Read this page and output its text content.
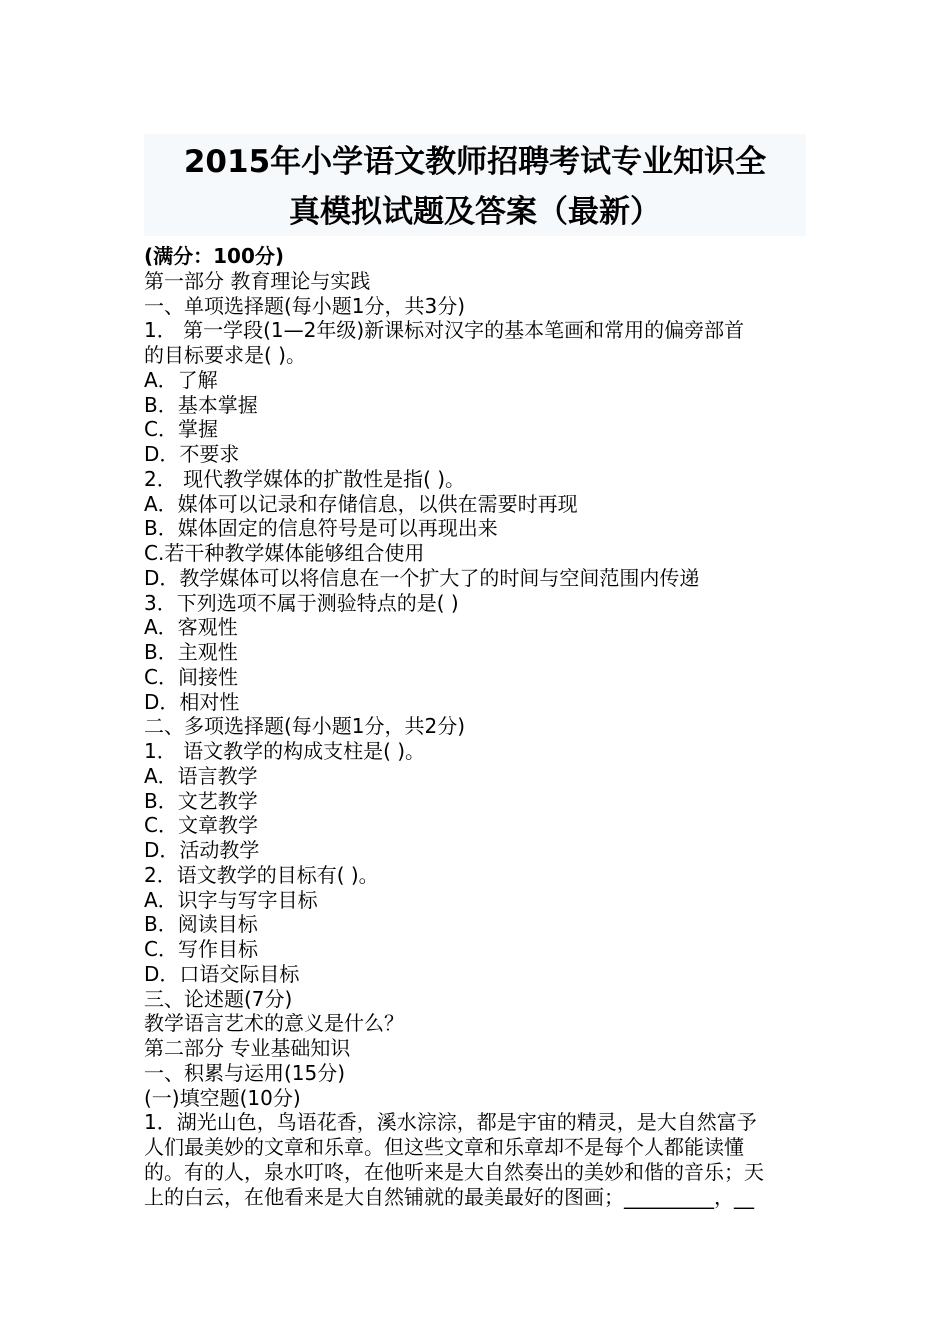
2015年小学语文教师招聘考试专业知识全
真模拟试题及答案（最新）
(满分：100分)
第一部分 教育理论与实践
一、单项选择题(每小题1分，共3分)
1． 第一学段(1—2年级)新课标对汉字的基本笔画和常用的偏旁部首
的目标要求是( )。
A．了解
B．基本掌握
C．掌握
D．不要求
2． 现代教学媒体的扩散性是指( )。
A．媒体可以记录和存储信息，以供在需要时再现
B．媒体固定的信息符号是可以再现出来
C.若干种教学媒体能够组合使用
D．教学媒体可以将信息在一个扩大了的时间与空间范围内传递
3．下列选项不属于测验特点的是( )
A．客观性
B．主观性
C．间接性
D．相对性
二、多项选择题(每小题1分，共2分)
1． 语文教学的构成支柱是( )。
A．语言教学
B．文艺教学
C．文章教学
D．活动教学
2．语文教学的目标有( )。
A．识字与写字目标
B．阅读目标
C．写作目标
D．口语交际目标
三、论述题(7分)
教学语言艺术的意义是什么？
第二部分 专业基础知识
一、积累与运用(15分)
(一)填空题(10分)
1．湖光山色，鸟语花香，溪水淙淙，都是宇宙的精灵，是大自然富予
人们最美妙的文章和乐章。但这些文章和乐章却不是每个人都能读懂
的。有的人，泉水叮咚，在他听来是大自然奏出的美妙和偕的音乐；天
上的白云，在他看来是大自然铺就的最美最好的图画；_________，__
